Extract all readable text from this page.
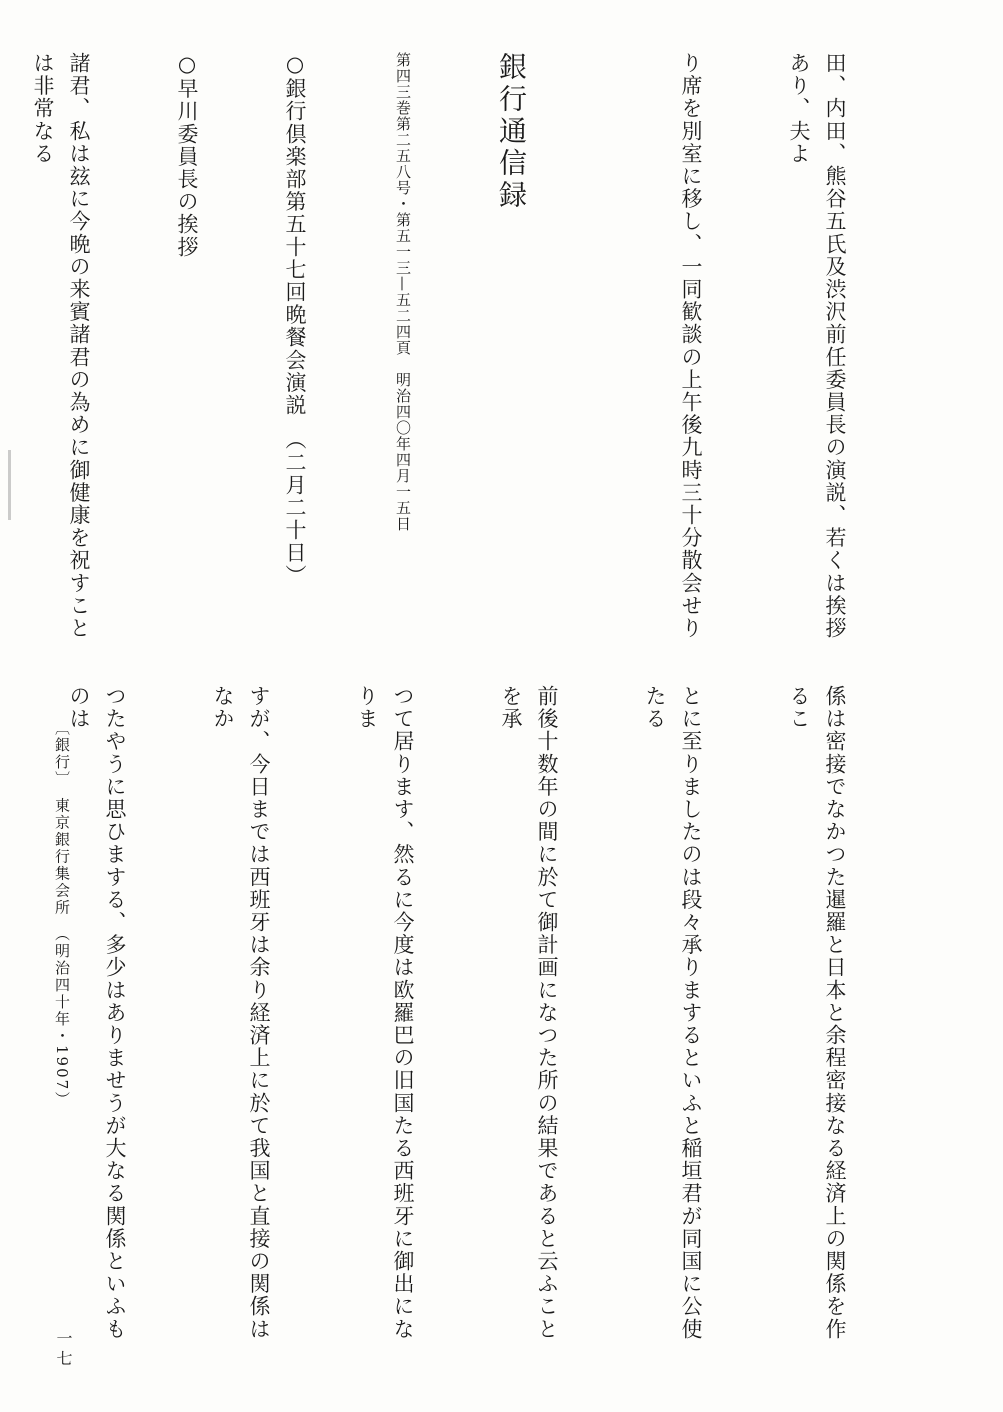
田、内田、熊谷五氏及渋沢前任委員長の演説、若くは挨拶あり、夫よ

り席を別室に移し、一同歓談の上午後九時三十分散会せり

銀行通信録

第四三巻第二五八号・第五一三—五二四頁　明治四〇年四月一五日

○銀行倶楽部第五十七回晩餐会演説　（二月二十日）

○早川委員長の挨拶

諸君、私は玆に今晩の来賓諸君の為めに御健康を祝すことは非常なる

係は密接でなかつた暹羅と日本と余程密接なる経済上の関係を作るこ

とに至りましたのは段々承りまするといふと稲垣君が同国に公使たる

前後十数年の間に於て御計画になつた所の結果であると云ふことを承

つて居ります、然るに今度は欧羅巴の旧国たる西班牙に御出になりま

すが、今日までは西班牙は余り経済上に於て我国と直接の関係はなか

つたやうに思ひまする、多少はありませうが大なる関係といふものは

〔銀行〕　東京銀行集会所　（明治四十年・1907）
一七
